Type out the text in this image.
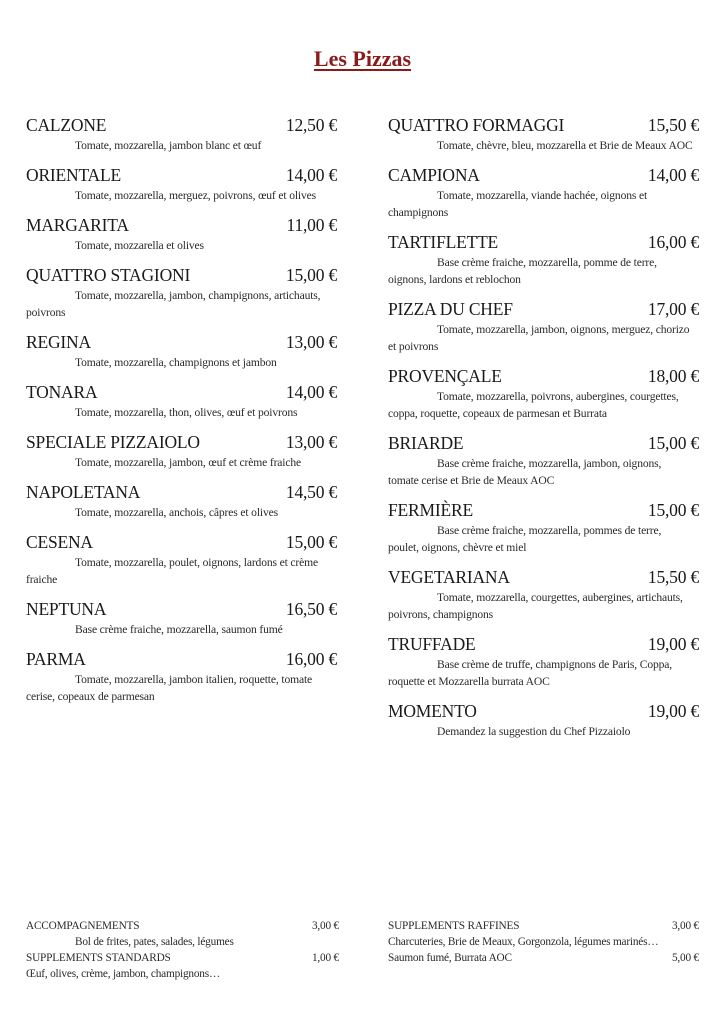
Les Pizzas
CALZONE	12,50 €
Tomate, mozzarella, jambon blanc et œuf
ORIENTALE	14,00 €
Tomate, mozzarella, merguez, poivrons, œuf et olives
MARGARITA	11,00 €
Tomate, mozzarella et olives
QUATTRO STAGIONI	15,00 €
Tomate, mozzarella, jambon, champignons, artichauts, poivrons
REGINA	13,00 €
Tomate, mozzarella, champignons et jambon
TONARA	14,00 €
Tomate, mozzarella, thon, olives, œuf et poivrons
SPECIALE PIZZAIOLO	13,00 €
Tomate, mozzarella, jambon, œuf et crème fraiche
NAPOLETANA	14,50 €
Tomate, mozzarella, anchois, câpres et olives
CESENA	15,00 €
Tomate, mozzarella, poulet, oignons, lardons et crème fraiche
NEPTUNA	16,50 €
Base crème fraiche, mozzarella, saumon fumé
PARMA	16,00 €
Tomate, mozzarella, jambon italien, roquette, tomate cerise, copeaux de parmesan
QUATTRO FORMAGGI	15,50 €
Tomate, chèvre, bleu, mozzarella et Brie de Meaux AOC
CAMPIONA	14,00 €
Tomate, mozzarella, viande hachée, oignons et champignons
TARTIFLETTE	16,00 €
Base crème fraiche, mozzarella, pomme de terre, oignons, lardons et reblochon
PIZZA DU CHEF	17,00 €
Tomate, mozzarella, jambon, oignons, merguez, chorizo et poivrons
PROVENÇALE	18,00 €
Tomate, mozzarella, poivrons, aubergines, courgettes, coppa, roquette, copeaux de parmesan et Burrata
BRIARDE	15,00 €
Base crème fraiche, mozzarella, jambon, oignons, tomate cerise et Brie de Meaux AOC
FERMIÈRE	15,00 €
Base crème fraiche, mozzarella, pommes de terre, poulet, oignons, chèvre et miel
VEGETARIANA	15,50 €
Tomate, mozzarella, courgettes, aubergines, artichauts, poivrons, champignons
TRUFFADE	19,00 €
Base crème de truffe, champignons de Paris, Coppa, roquette et Mozzarella burrata AOC
MOMENTO	19,00 €
Demandez la suggestion du Chef Pizzaiolo
ACCOMPAGNEMENTS	3,00 €
Bol de frites, pates, salades, légumes
SUPPLEMENTS STANDARDS	1,00 €
Œuf, olives, crème, jambon, champignons…
SUPPLEMENTS RAFFINES	3,00 €
Charcuteries, Brie de Meaux, Gorgonzola, légumes marinés…
Saumon fumé, Burrata AOC	5,00 €
